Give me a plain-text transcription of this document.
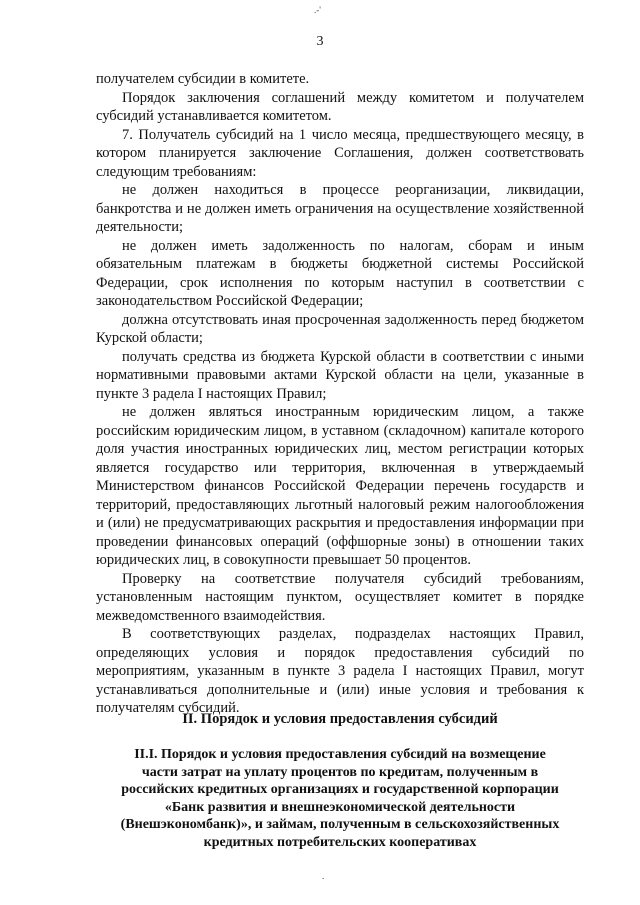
.-'
3

получателем субсидии в комитете.

Порядок заключения соглашений между комитетом и получателем субсидий устанавливается комитетом.

7. Получатель субсидий на 1 число месяца, предшествующего месяцу, в котором планируется заключение Соглашения, должен соответствовать следующим требованиям:

не должен находиться в процессе реорганизации, ликвидации, банкротства и не должен иметь ограничения на осуществление хозяйственной деятельности;

не должен иметь задолженность по налогам, сборам и иным обязательным платежам в бюджеты бюджетной системы Российской Федерации, срок исполнения по которым наступил в соответствии с законодательством Российской Федерации;

должна отсутствовать иная просроченная задолженность перед бюджетом Курской области;

получать средства из бюджета Курской области в соответствии с иными нормативными правовыми актами Курской области на цели, указанные в пункте 3 радела I настоящих Правил;

не должен являться иностранным юридическим лицом, а также российским юридическим лицом, в уставном (складочном) капитале которого доля участия иностранных юридических лиц, местом регистрации которых является государство или территория, включенная в утверждаемый Министерством финансов Российской Федерации перечень государств и территорий, предоставляющих льготный налоговый режим налогообложения и (или) не предусматривающих раскрытия и предоставления информации при проведении финансовых операций (оффшорные зоны) в отношении таких юридических лиц, в совокупности превышает 50 процентов.

Проверку на соответствие получателя субсидий требованиям, установленным настоящим пунктом, осуществляет комитет в порядке межведомственного взаимодействия.

В соответствующих разделах, подразделах настоящих Правил, определяющих условия и порядок предоставления субсидий по мероприятиям, указанным в пункте 3 радела I настоящих Правил, могут устанавливаться дополнительные и (или) иные условия и требования к получателям субсидий.

II. Порядок и условия предоставления субсидий
II.I. Порядок и условия предоставления субсидий на возмещение
части затрат на уплату процентов по кредитам, полученным в
российских кредитных организациях и государственной корпорации
«Банк развития и внешнеэкономической деятельности
(Внешэкономбанк)», и займам, полученным в сельскохозяйственных
кредитных потребительских кооперативах
.
